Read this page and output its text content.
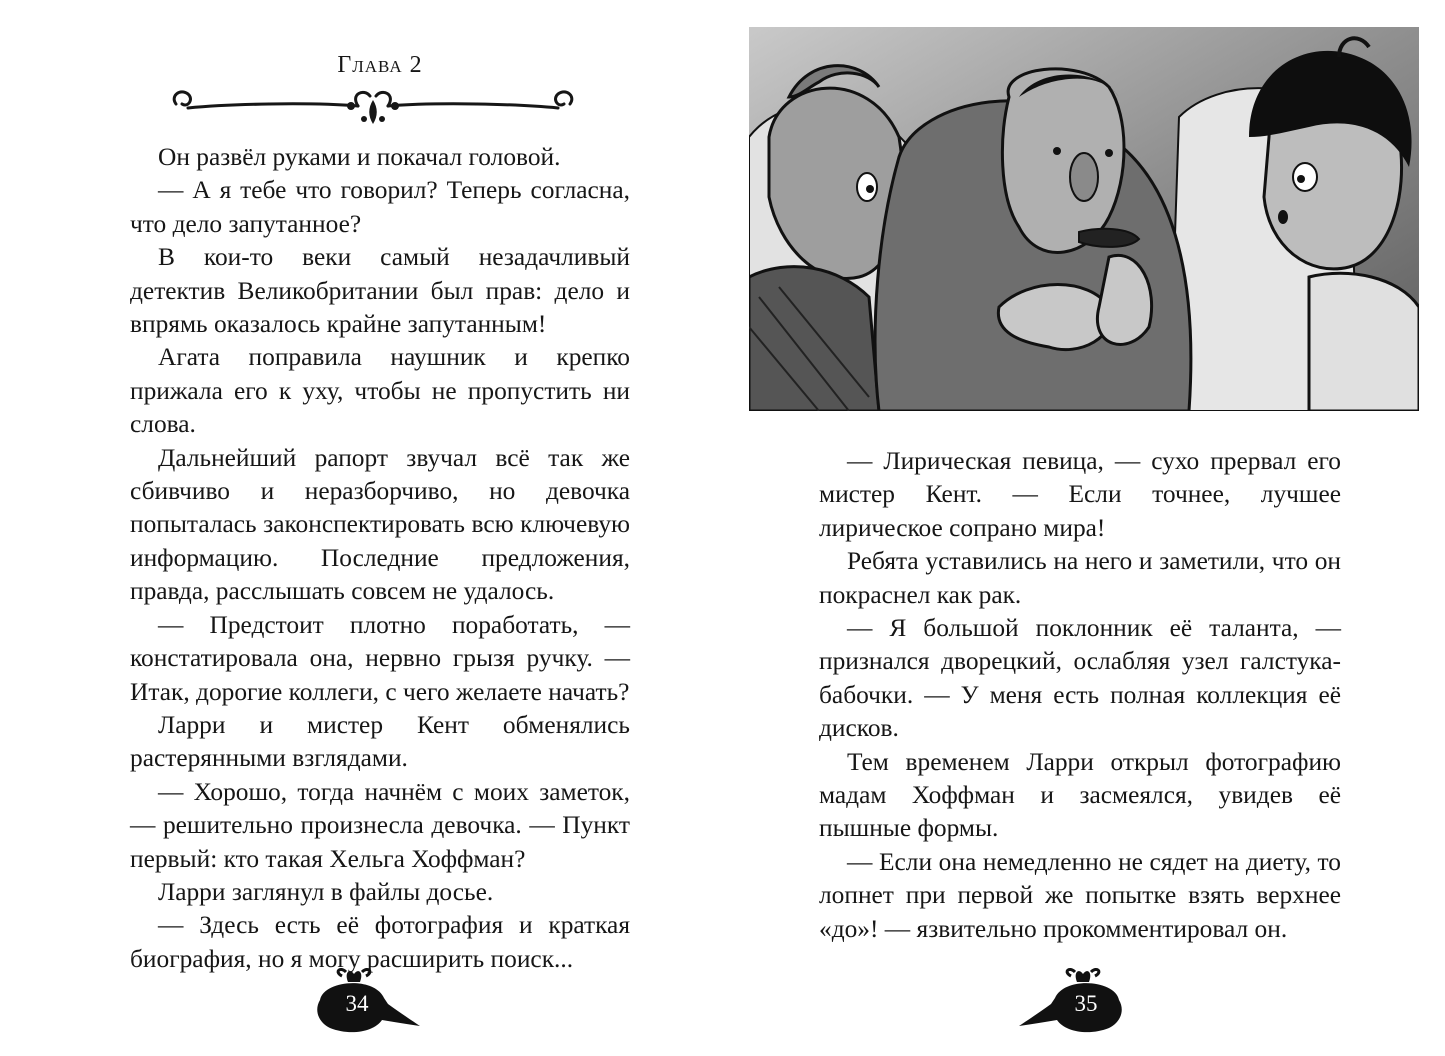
Глава 2

Он развёл руками и покачал головой.

— А я тебе что говорил? Теперь согласна, что дело запутанное?

В кои-то веки самый незадачливый детектив Великобритании был прав: дело и впрямь оказалось крайне запутанным!

Агата поправила наушник и крепко прижала его к уху, чтобы не пропустить ни слова.

Дальнейший рапорт звучал всё так же сбивчиво и неразборчиво, но девочка попыталась законспектировать всю ключевую информацию. Последние предложения, правда, расслышать совсем не удалось.

— Предстоит плотно поработать, — констатировала она, нервно грызя ручку. — Итак, дорогие коллеги, с чего желаете начать?

Ларри и мистер Кент обменялись растерянными взглядами.

— Хорошо, тогда начнём с моих заметок, — решительно произнесла девочка. — Пункт первый: кто такая Хельга Хоффман?

Ларри заглянул в файлы досье.

— Здесь есть её фотография и краткая биография, но я могу расширить поиск...

34

— Лирическая певица, — сухо прервал его мистер Кент. — Если точнее, лучшее лирическое сопрано мира!

Ребята уставились на него и заметили, что он покраснел как рак.

— Я большой поклонник её таланта, — признался дворецкий, ослабляя узел галстука-бабочки. — У меня есть полная коллекция её дисков.

Тем временем Ларри открыл фотографию мадам Хоффман и засмеялся, увидев её пышные формы.

— Если она немедленно не сядет на диету, то лопнет при первой же попытке взять верхнее «до»! — язвительно прокомментировал он.

35
